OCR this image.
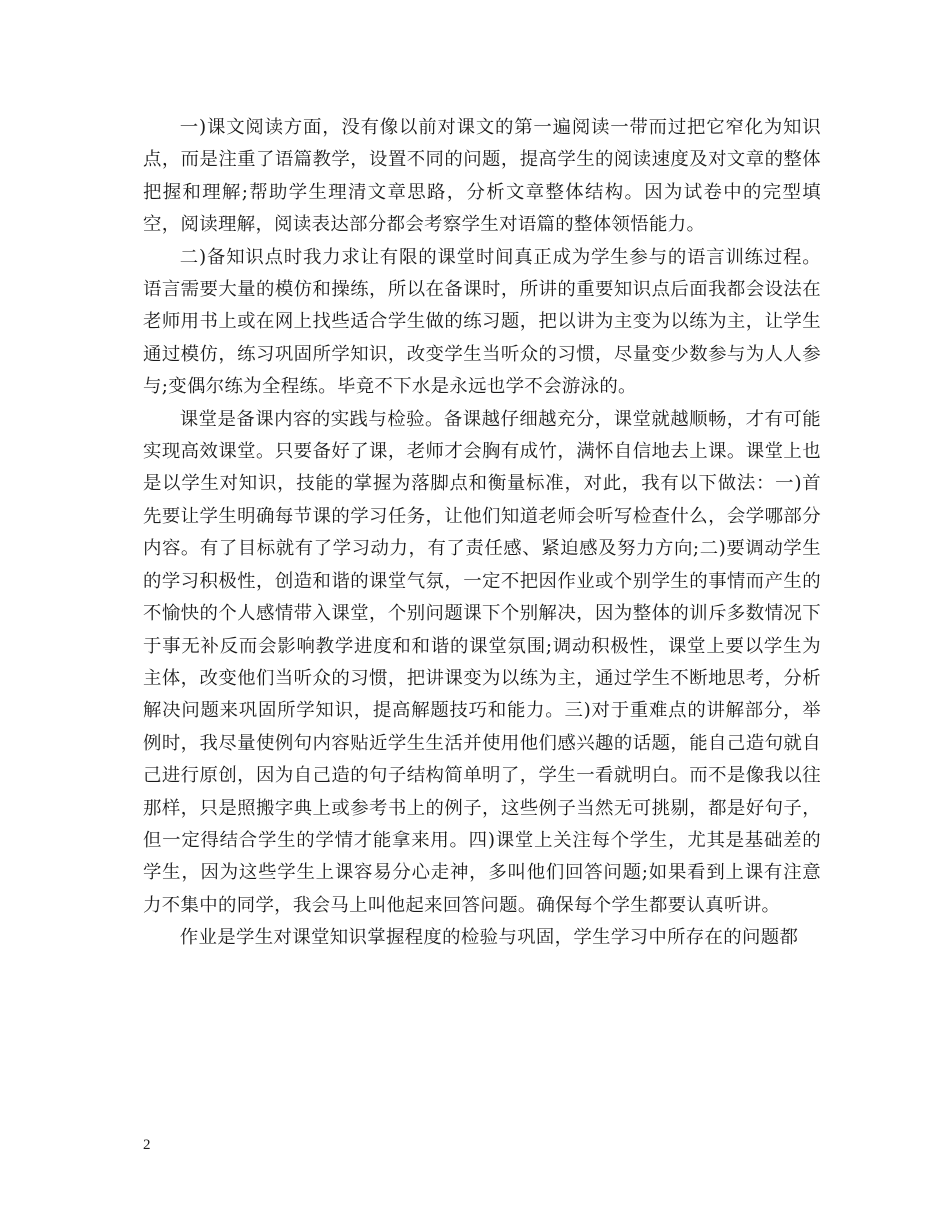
一)课文阅读方面，没有像以前对课文的第一遍阅读一带而过把它窄化为知识点，而是注重了语篇教学，设置不同的问题，提高学生的阅读速度及对文章的整体把握和理解;帮助学生理清文章思路，分析文章整体结构。因为试卷中的完型填空，阅读理解，阅读表达部分都会考察学生对语篇的整体领悟能力。

二)备知识点时我力求让有限的课堂时间真正成为学生参与的语言训练过程。语言需要大量的模仿和操练，所以在备课时，所讲的重要知识点后面我都会设法在老师用书上或在网上找些适合学生做的练习题，把以讲为主变为以练为主，让学生通过模仿，练习巩固所学知识，改变学生当听众的习惯，尽量变少数参与为人人参与;变偶尔练为全程练。毕竟不下水是永远也学不会游泳的。

课堂是备课内容的实践与检验。备课越仔细越充分，课堂就越顺畅，才有可能实现高效课堂。只要备好了课，老师才会胸有成竹，满怀自信地去上课。课堂上也是以学生对知识，技能的掌握为落脚点和衡量标准，对此，我有以下做法：一)首先要让学生明确每节课的学习任务，让他们知道老师会听写检查什么，会学哪部分内容。有了目标就有了学习动力，有了责任感、紧迫感及努力方向;二)要调动学生的学习积极性，创造和谐的课堂气氛，一定不把因作业或个别学生的事情而产生的不愉快的个人感情带入课堂，个别问题课下个别解决，因为整体的训斥多数情况下于事无补反而会影响教学进度和和谐的课堂氛围;调动积极性，课堂上要以学生为主体，改变他们当听众的习惯，把讲课变为以练为主，通过学生不断地思考，分析解决问题来巩固所学知识，提高解题技巧和能力。三)对于重难点的讲解部分，举例时，我尽量使例句内容贴近学生生活并使用他们感兴趣的话题，能自己造句就自己进行原创，因为自己造的句子结构简单明了，学生一看就明白。而不是像我以往那样，只是照搬字典上或参考书上的例子，这些例子当然无可挑剔，都是好句子，但一定得结合学生的学情才能拿来用。四)课堂上关注每个学生，尤其是基础差的学生，因为这些学生上课容易分心走神，多叫他们回答问题;如果看到上课有注意力不集中的同学，我会马上叫他起来回答问题。确保每个学生都要认真听讲。

作业是学生对课堂知识掌握程度的检验与巩固，学生学习中所存在的问题都

2
